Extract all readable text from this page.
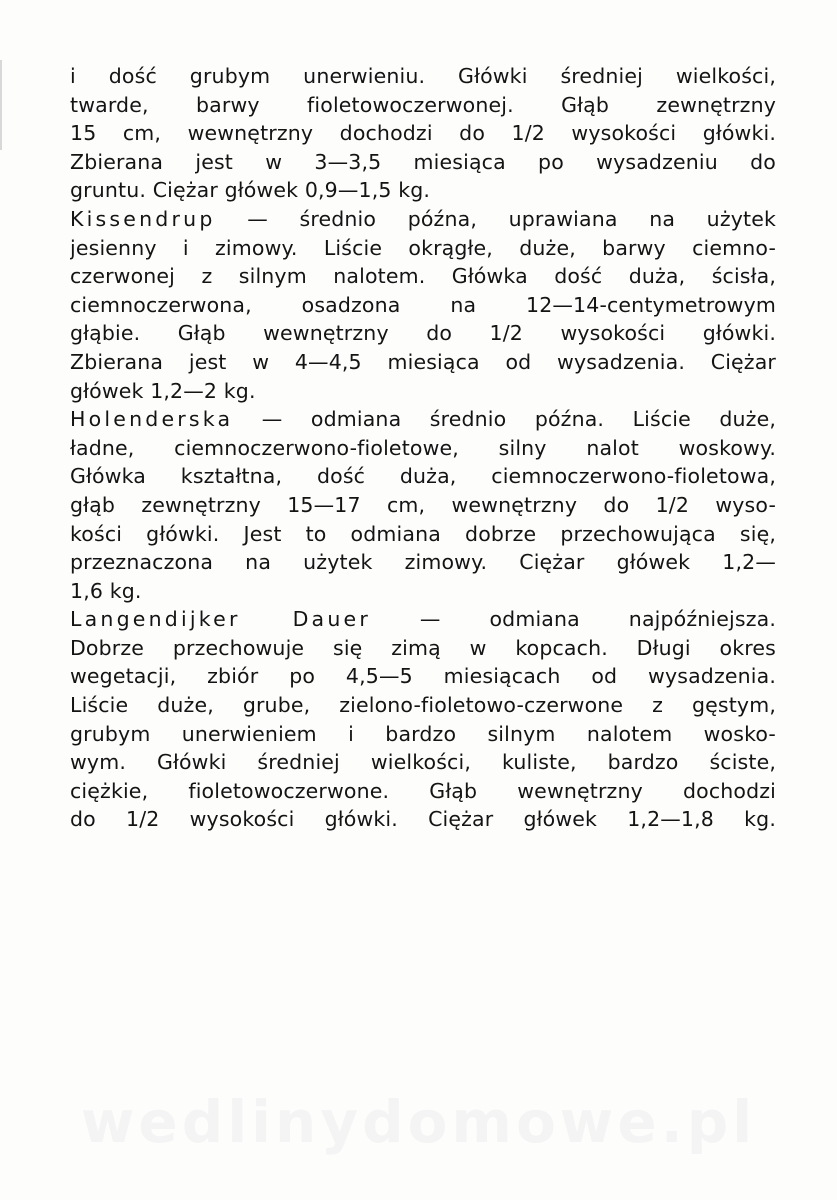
i dość grubym unerwieniu. Główki średniej wielkości,
twarde, barwy fioletowoczerwonej. Głąb zewnętrzny
15 cm, wewnętrzny dochodzi do 1/2 wysokości główki.
Zbierana jest w 3—3,5 miesiąca po wysadzeniu do
gruntu. Ciężar główek 0,9—1,5 kg.
Kissendrup — średnio późna, uprawiana na użytek
jesienny i zimowy. Liście okrągłe, duże, barwy ciemno-
czerwonej z silnym nalotem. Główka dość duża, ścisła,
ciemnoczerwona, osadzona na 12—14-centymetrowym
głąbie. Głąb wewnętrzny do 1/2 wysokości główki.
Zbierana jest w 4—4,5 miesiąca od wysadzenia. Ciężar
główek 1,2—2 kg.
Holenderska — odmiana średnio późna. Liście duże,
ładne, ciemnoczerwono-fioletowe, silny nalot woskowy.
Główka kształtna, dość duża, ciemnoczerwono-fioletowa,
głąb zewnętrzny 15—17 cm, wewnętrzny do 1/2 wyso-
kości główki. Jest to odmiana dobrze przechowująca się,
przeznaczona na użytek zimowy. Ciężar główek 1,2—
1,6 kg.
Langendijker Dauer — odmiana najpóźniejsza.
Dobrze przechowuje się zimą w kopcach. Długi okres
wegetacji, zbiór po 4,5—5 miesiącach od wysadzenia.
Liście duże, grube, zielono-fioletowo-czerwone z gęstym,
grubym unerwieniem i bardzo silnym nalotem wosko-
wym. Główki średniej wielkości, kuliste, bardzo ściste,
ciężkie, fioletowoczerwone. Głąb wewnętrzny dochodzi
do 1/2 wysokości główki. Ciężar główek 1,2—1,8 kg.
wedlinydomowe.pl
